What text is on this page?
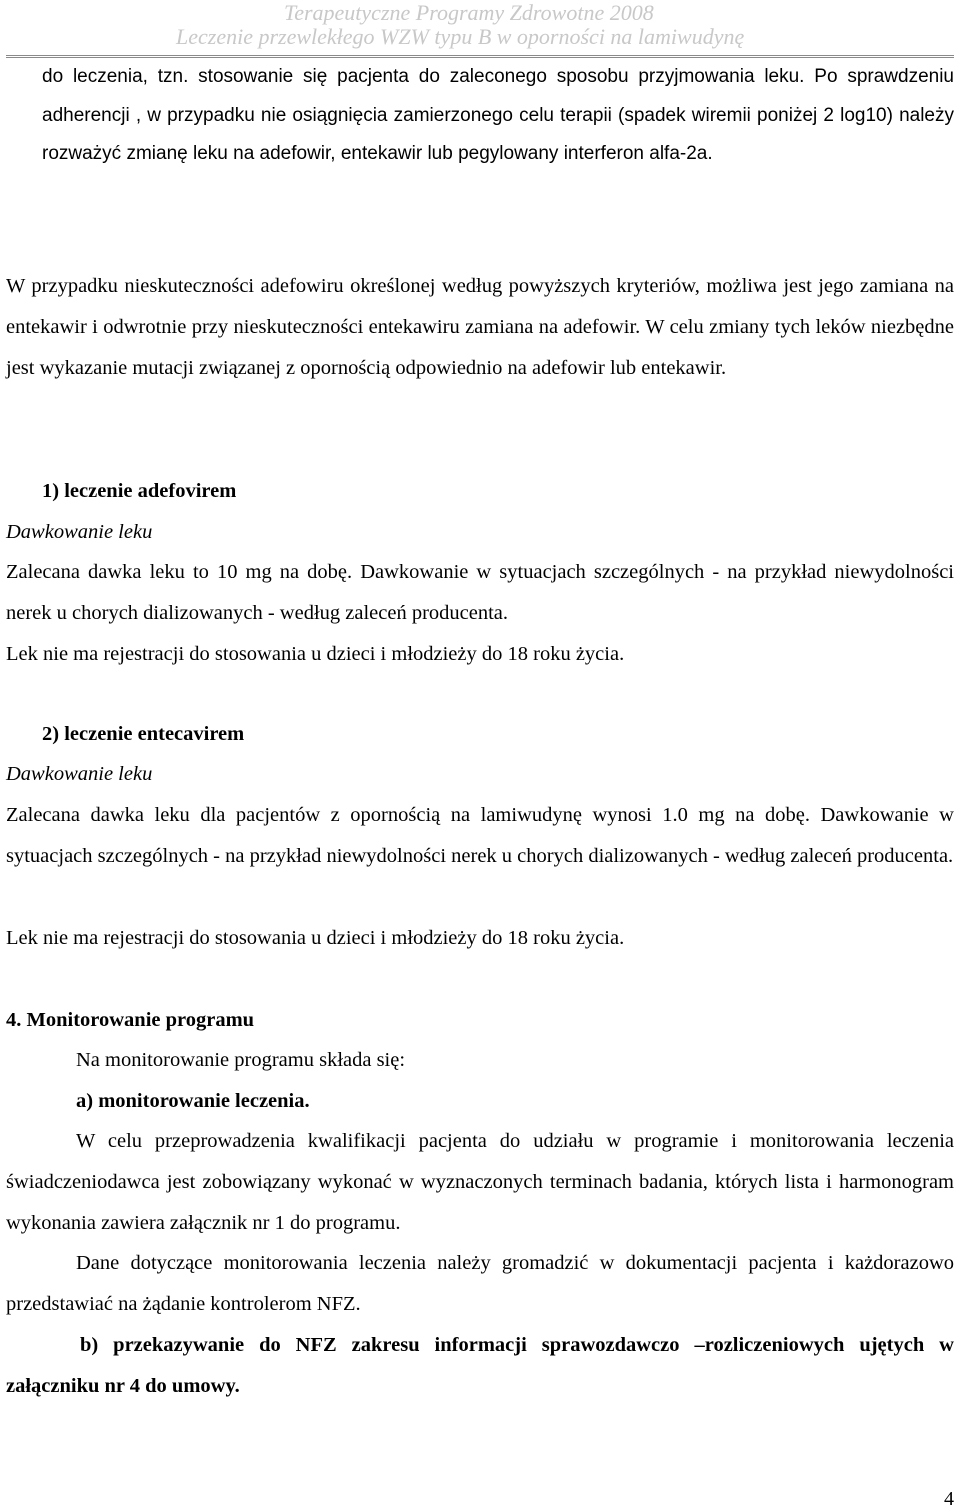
Terapeutyczne Programy Zdrowotne 2008
Leczenie przewlekłego WZW typu B w oporności na lamiwudynę

do leczenia, tzn. stosowanie się pacjenta do zaleconego sposobu przyjmowania leku. Po sprawdzeniu adherencji , w przypadku nie osiągnięcia zamierzonego celu terapii (spadek wiremii poniżej 2 log10) należy rozważyć zmianę leku na adefowir, entekawir lub pegylowany interferon alfa-2a.

W przypadku nieskuteczności adefowiru określonej według powyższych kryteriów, możliwa jest jego zamiana na entekawir i odwrotnie przy nieskuteczności entekawiru zamiana na adefowir. W celu zmiany tych leków niezbędne jest wykazanie mutacji związanej z opornością odpowiednio na adefowir lub entekawir.

1) leczenie adefovirem

Dawkowanie leku

Zalecana dawka leku to 10 mg na dobę. Dawkowanie w sytuacjach szczególnych - na przykład niewydolności nerek u chorych dializowanych - według zaleceń producenta.

Lek nie ma rejestracji do stosowania u dzieci i młodzieży do 18 roku życia.

2) leczenie entecavirem

Dawkowanie leku

Zalecana dawka leku dla pacjentów z opornością na lamiwudynę wynosi 1.0 mg na dobę. Dawkowanie w sytuacjach szczególnych - na przykład niewydolności nerek u chorych dializowanych - według zaleceń producenta.

Lek nie ma rejestracji do stosowania u dzieci i młodzieży do 18 roku życia.

4. Monitorowanie programu

Na monitorowanie programu składa się:

a) monitorowanie leczenia.

W celu przeprowadzenia kwalifikacji pacjenta do udziału w programie i monitorowania leczenia świadczeniodawca jest zobowiązany wykonać w wyznaczonych terminach badania, których lista i harmonogram wykonania zawiera załącznik nr 1 do programu.

Dane dotyczące monitorowania leczenia należy gromadzić w dokumentacji pacjenta i każdorazowo przedstawiać na żądanie kontrolerom NFZ.

b) przekazywanie do NFZ zakresu informacji sprawozdawczo –rozliczeniowych ujętych w załączniku nr 4 do umowy.

4
